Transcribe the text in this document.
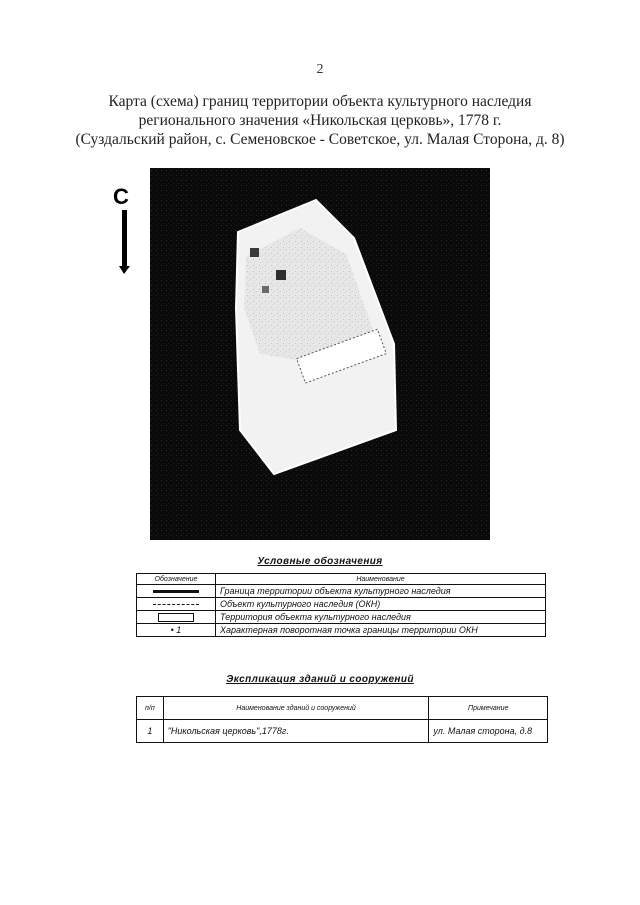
2
Карта (схема) границ территории объекта культурного наследия
регионального значения «Никольская церковь», 1778 г.
(Суздальский район, с. Семеновское - Советское, ул. Малая Сторона, д. 8)
С
Условные обозначения
Обозначение	Наименование
	Граница территории объекта культурного наследия
	Объект культурного наследия (ОКН)
	Территория объекта культурного наследия
• 1	Характерная поворотная точка границы территории ОКН
Экспликация зданий и сооружений
п/п	Наименование зданий и сооружений	Примечание
1	"Никольская церковь",1778г.	ул. Малая сторона, д.8
